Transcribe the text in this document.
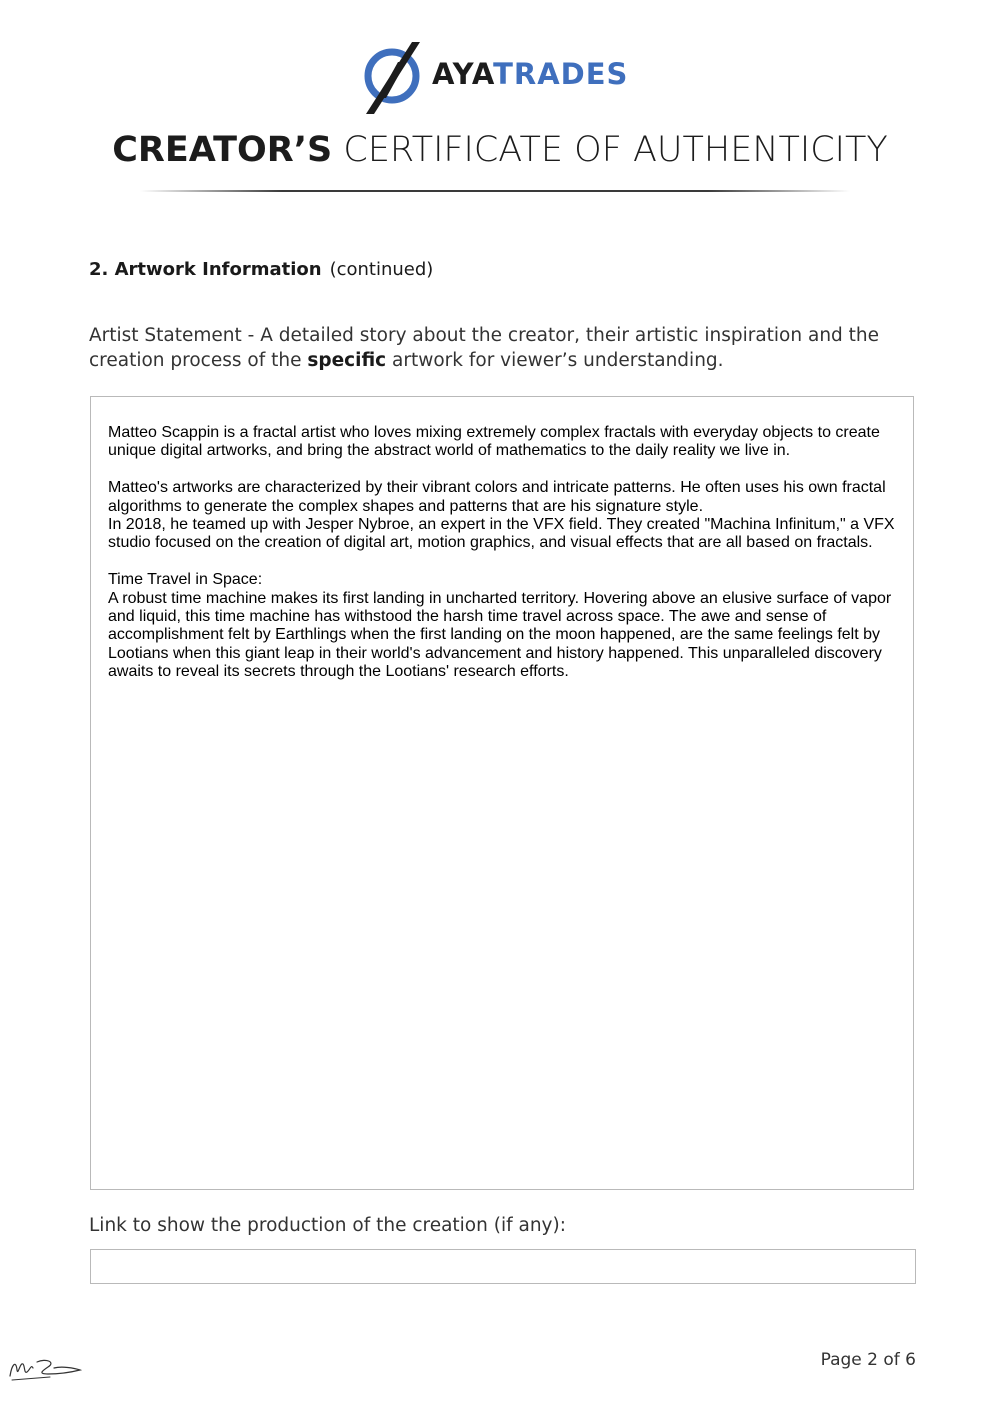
AYATRADES
CREATOR’S CERTIFICATE OF AUTHENTICITY
2. Artwork Information (continued)
Artist Statement - A detailed story about the creator, their artistic inspiration and the creation process of the specific artwork for viewer’s understanding.

Matteo Scappin is a fractal artist who loves mixing extremely complex fractals with everyday objects to create unique digital artworks, and bring the abstract world of mathematics to the daily reality we live in.

Matteo's artworks are characterized by their vibrant colors and intricate patterns. He often uses his own fractal algorithms to generate the complex shapes and patterns that are his signature style.

In 2018, he teamed up with Jesper Nybroe, an expert in the VFX field. They created "Machina Infinitum," a VFX studio focused on the creation of digital art, motion graphics, and visual effects that are all based on fractals.

Time Travel in Space:

A robust time machine makes its first landing in uncharted territory. Hovering above an elusive surface of vapor and liquid, this time machine has withstood the harsh time travel across space. The awe and sense of accomplishment felt by Earthlings when the first landing on the moon happened, are the same feelings felt by Lootians when this giant leap in their world's advancement and history happened. This unparalleled discovery awaits to reveal its secrets through the Lootians' research efforts.

Link to show the production of the creation (if any):
Page 2 of 6
